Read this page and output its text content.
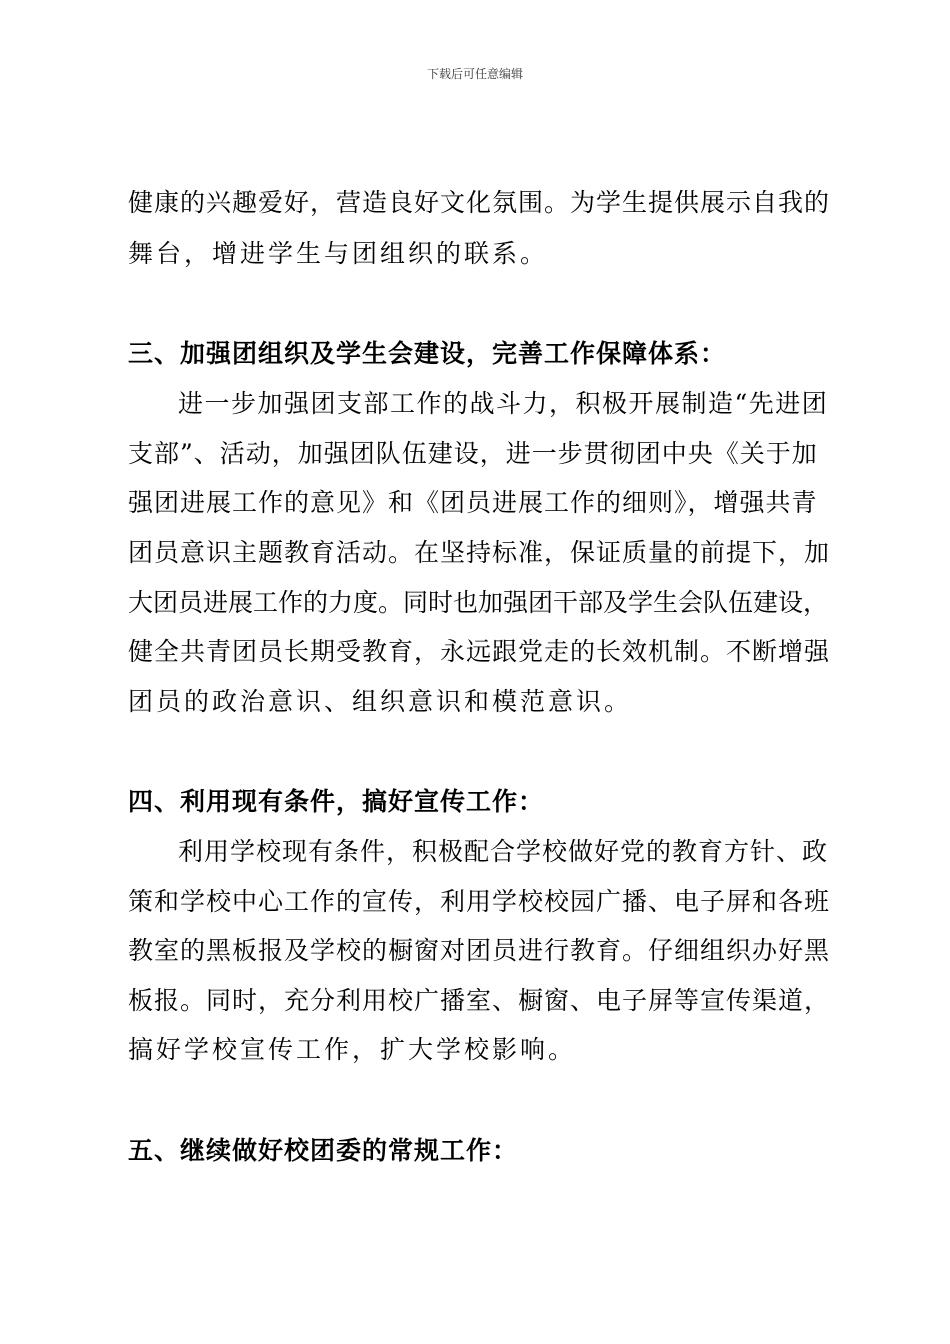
下载后可任意编辑
健康的兴趣爱好，营造良好文化氛围。为学生提供展示自我的
舞台，增进学生与团组织的联系。
三、加强团组织及学生会建设，完善工作保障体系：
进一步加强团支部工作的战斗力，积极开展制造“先进团
支部”、活动，加强团队伍建设，进一步贯彻团中央《关于加
强团进展工作的意见》和《团员进展工作的细则》，增强共青
团员意识主题教育活动。在坚持标准，保证质量的前提下，加
大团员进展工作的力度。同时也加强团干部及学生会队伍建设，
健全共青团员长期受教育，永远跟党走的长效机制。不断增强
团员的政治意识、组织意识和模范意识。
四、利用现有条件，搞好宣传工作：
利用学校现有条件，积极配合学校做好党的教育方针、政
策和学校中心工作的宣传，利用学校校园广播、电子屏和各班
教室的黑板报及学校的橱窗对团员进行教育。仔细组织办好黑
板报。同时，充分利用校广播室、橱窗、电子屏等宣传渠道，
搞好学校宣传工作，扩大学校影响。
五、继续做好校团委的常规工作：
